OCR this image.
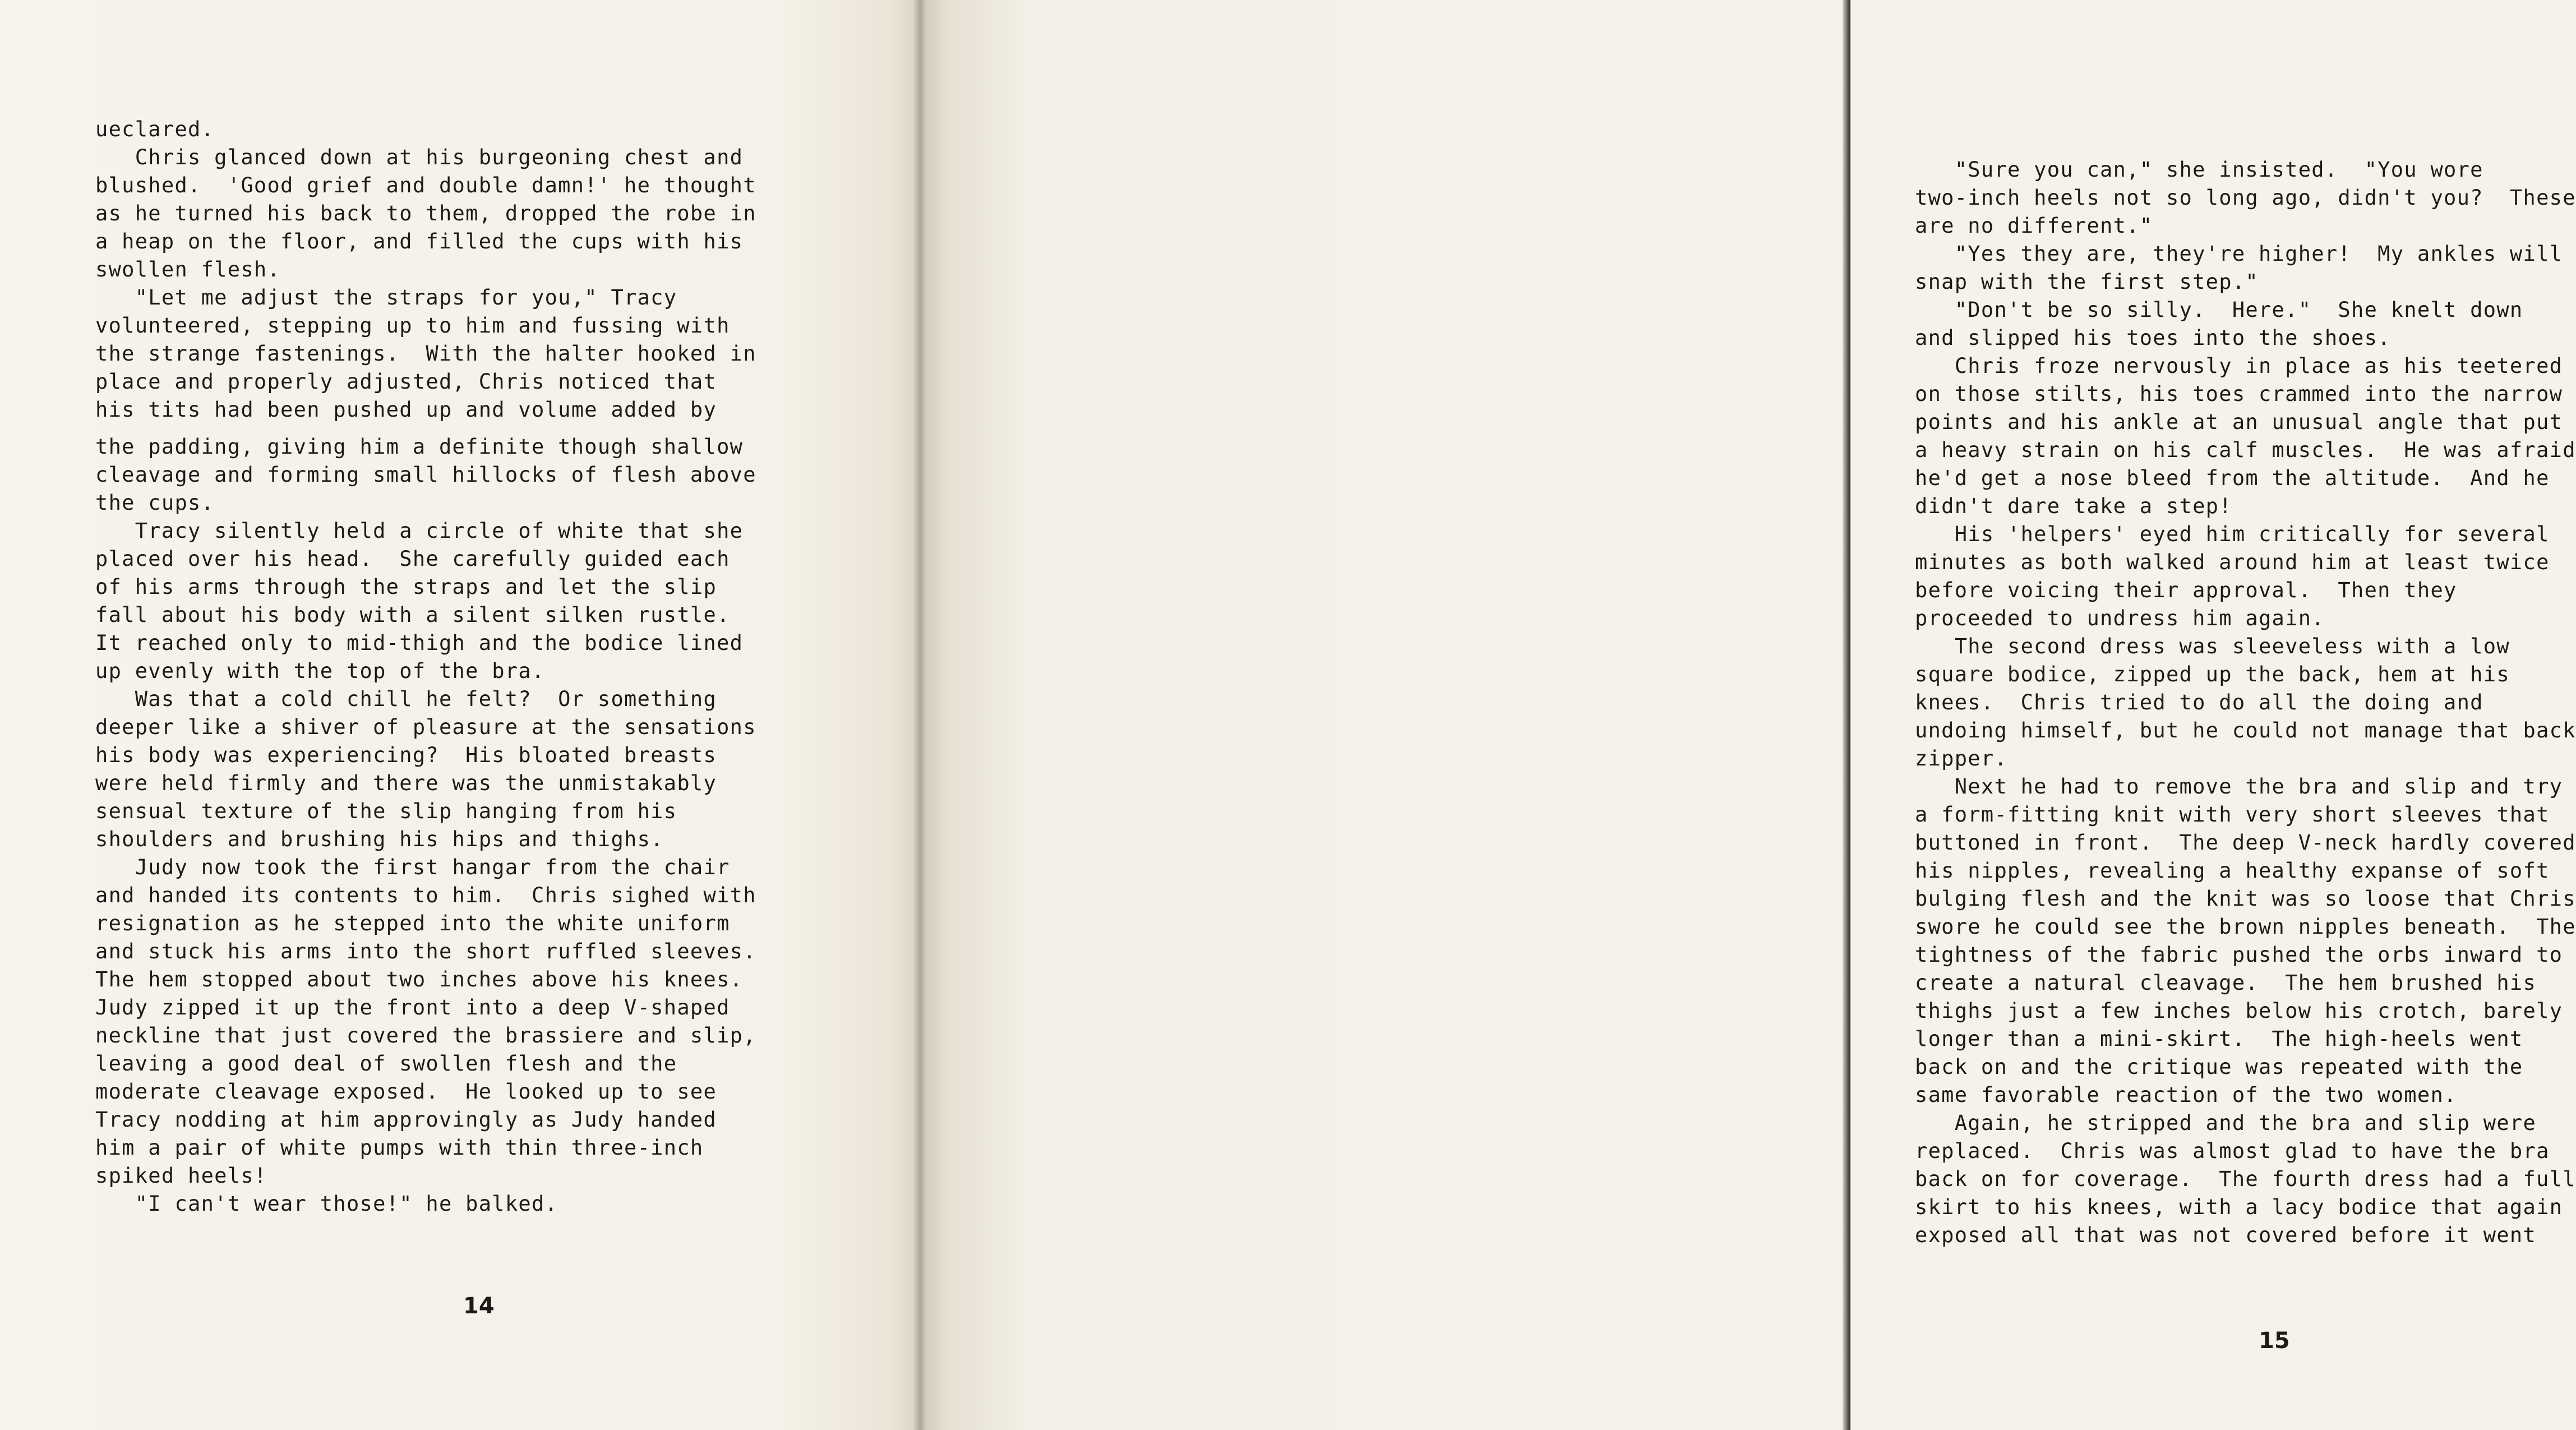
ueclared.
Chris glanced down at his burgeoning chest and
blushed.  'Good grief and double damn!' he thought
as he turned his back to them, dropped the robe in
a heap on the floor, and filled the cups with his
swollen flesh.
"Let me adjust the straps for you," Tracy
volunteered, stepping up to him and fussing with
the strange fastenings.  With the halter hooked in
place and properly adjusted, Chris noticed that
his tits had been pushed up and volume added by
the padding, giving him a definite though shallow
cleavage and forming small hillocks of flesh above
the cups.
Tracy silently held a circle of white that she
placed over his head.  She carefully guided each
of his arms through the straps and let the slip
fall about his body with a silent silken rustle.
It reached only to mid-thigh and the bodice lined
up evenly with the top of the bra.
Was that a cold chill he felt?  Or something
deeper like a shiver of pleasure at the sensations
his body was experiencing?  His bloated breasts
were held firmly and there was the unmistakably
sensual texture of the slip hanging from his
shoulders and brushing his hips and thighs.
Judy now took the first hangar from the chair
and handed its contents to him.  Chris sighed with
resignation as he stepped into the white uniform
and stuck his arms into the short ruffled sleeves.
The hem stopped about two inches above his knees.
Judy zipped it up the front into a deep V-shaped
neckline that just covered the brassiere and slip,
leaving a good deal of swollen flesh and the
moderate cleavage exposed.  He looked up to see
Tracy nodding at him approvingly as Judy handed
him a pair of white pumps with thin three-inch
spiked heels!
"I can't wear those!" he balked.
14
"Sure you can," she insisted.  "You wore
two-inch heels not so long ago, didn't you?  These
are no different."
"Yes they are, they're higher!  My ankles will
snap with the first step."
"Don't be so silly.  Here."  She knelt down
and slipped his toes into the shoes.
Chris froze nervously in place as his teetered
on those stilts, his toes crammed into the narrow
points and his ankle at an unusual angle that put
a heavy strain on his calf muscles.  He was afraid
he'd get a nose bleed from the altitude.  And he
didn't dare take a step!
His 'helpers' eyed him critically for several
minutes as both walked around him at least twice
before voicing their approval.  Then they
proceeded to undress him again.
The second dress was sleeveless with a low
square bodice, zipped up the back, hem at his
knees.  Chris tried to do all the doing and
undoing himself, but he could not manage that back
zipper.
Next he had to remove the bra and slip and try
a form-fitting knit with very short sleeves that
buttoned in front.  The deep V-neck hardly covered
his nipples, revealing a healthy expanse of soft
bulging flesh and the knit was so loose that Chris
swore he could see the brown nipples beneath.  The
tightness of the fabric pushed the orbs inward to
create a natural cleavage.  The hem brushed his
thighs just a few inches below his crotch, barely
longer than a mini-skirt.  The high-heels went
back on and the critique was repeated with the
same favorable reaction of the two women.
Again, he stripped and the bra and slip were
replaced.  Chris was almost glad to have the bra
back on for coverage.  The fourth dress had a full
skirt to his knees, with a lacy bodice that again
exposed all that was not covered before it went
15
